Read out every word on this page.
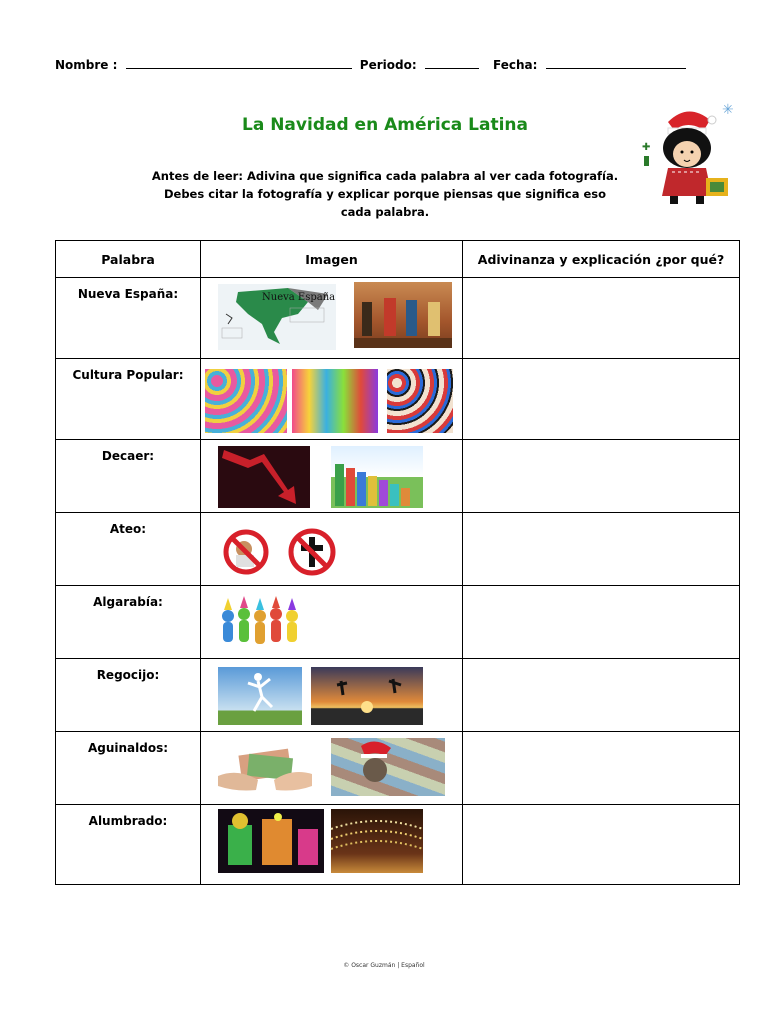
Nombre :	Periodo:	Fecha:
La Navidad en América Latina
Antes de leer: Adivina que significa cada palabra al ver cada fotografía. Debes citar la fotografía y explicar porque piensas que significa eso cada palabra.
✳
✚
Palabra	Imagen	Adivinanza y explicación ¿por qué?
Nueva España:	Nueva España	

Cultura Popular:	

Decaer:	

Ateo:	

Algarabía:	

Regocijo:	

Aguinaldos:	

Alumbrado:	

© Oscar Guzmán | Español
